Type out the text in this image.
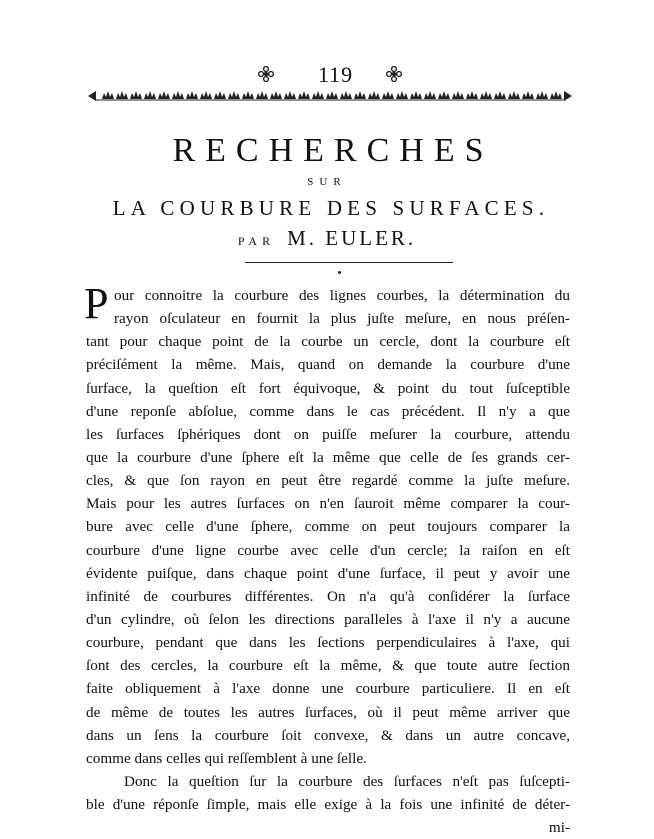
119
RECHERCHES
SUR
LA COURBURE DES SURFACES.
PAR M. EULER.
P our connoitre la courbure des lignes courbes, la détermination du
rayon oſculateur en fournit la plus juſte meſure, en nous préſen-
tant pour chaque point de la courbe un cercle, dont la courbure eſt
préciſément la même. Mais, quand on demande la courbure d'une
ſurface, la queſtion eſt fort équivoque, & point du tout ſuſceptible
d'une reponſe abſolue, comme dans le cas précédent. Il n'y a que
les ſurfaces ſphériques dont on puiſſe meſurer la courbure, attendu
que la courbure d'une ſphere eſt la même que celle de ſes grands cer-
cles, & que ſon rayon en peut être regardé comme la juſte meſure.
Mais pour les autres ſurfaces on n'en ſauroit même comparer la cour-
bure avec celle d'une ſphere, comme on peut toujours comparer la
courbure d'une ligne courbe avec celle d'un cercle; la raiſon en eſt
évidente puiſque, dans chaque point d'une ſurface, il peut y avoir une
infinité de courbures différentes. On n'a qu'à conſidérer la ſurface
d'un cylindre, où ſelon les directions paralleles à l'axe il n'y a aucune
courbure, pendant que dans les ſections perpendiculaires à l'axe, qui
ſont des cercles, la courbure eſt la même, & que toute autre ſection
faite obliquement à l'axe donne une courbure particuliere. Il en eſt
de même de toutes les autres ſurfaces, où il peut même arriver que
dans un ſens la courbure ſoit convexe, & dans un autre concave,
comme dans celles qui reſſemblent à une ſelle.
Donc la queſtion ſur la courbure des ſurfaces n'eſt pas ſuſcepti-
ble d'une réponſe ſimple, mais elle exige à la fois une infinité de déter-
mi-
